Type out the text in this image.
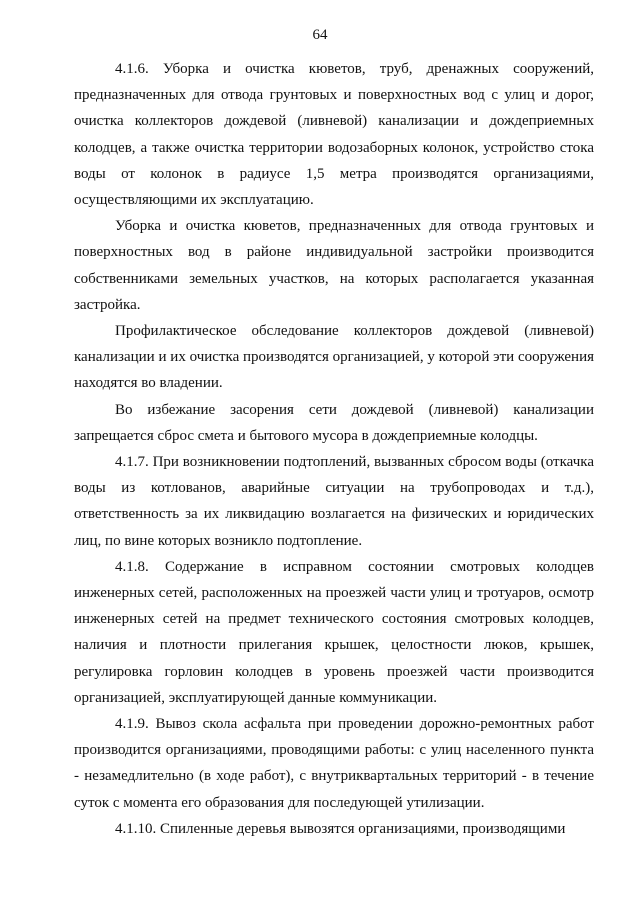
64

4.1.6. Уборка и очистка кюветов, труб, дренажных сооружений, предназначенных для отвода грунтовых и поверхностных вод с улиц и дорог, очистка коллекторов дождевой (ливневой) канализации и дождеприемных колодцев, а также очистка территории водозаборных колонок, устройство стока воды от колонок в радиусе 1,5 метра производятся организациями, осуществляющими их эксплуатацию.

Уборка и очистка кюветов, предназначенных для отвода грунтовых и поверхностных вод в районе индивидуальной застройки производится собственниками земельных участков, на которых располагается указанная застройка.

Профилактическое обследование коллекторов дождевой (ливневой) канализации и их очистка производятся организацией, у которой эти сооружения находятся во владении.

Во избежание засорения сети дождевой (ливневой) канализации запрещается сброс смета и бытового мусора в дождеприемные колодцы.

4.1.7. При возникновении подтоплений, вызванных сбросом воды (откачка воды из котлованов, аварийные ситуации на трубопроводах и т.д.), ответственность за их ликвидацию возлагается на физических и юридических лиц, по вине которых возникло подтопление.

4.1.8. Содержание в исправном состоянии смотровых колодцев инженерных сетей, расположенных на проезжей части улиц и тротуаров, осмотр инженерных сетей на предмет технического состояния смотровых колодцев, наличия и плотности прилегания крышек, целостности люков, крышек, регулировка горловин колодцев в уровень проезжей части производится организацией, эксплуатирующей данные коммуникации.

4.1.9. Вывоз скола асфальта при проведении дорожно-ремонтных работ производится организациями, проводящими работы: с улиц населенного пункта - незамедлительно (в ходе работ), с внутриквартальных территорий - в течение суток с момента его образования для последующей утилизации.

4.1.10. Спиленные деревья вывозятся организациями, производящими
